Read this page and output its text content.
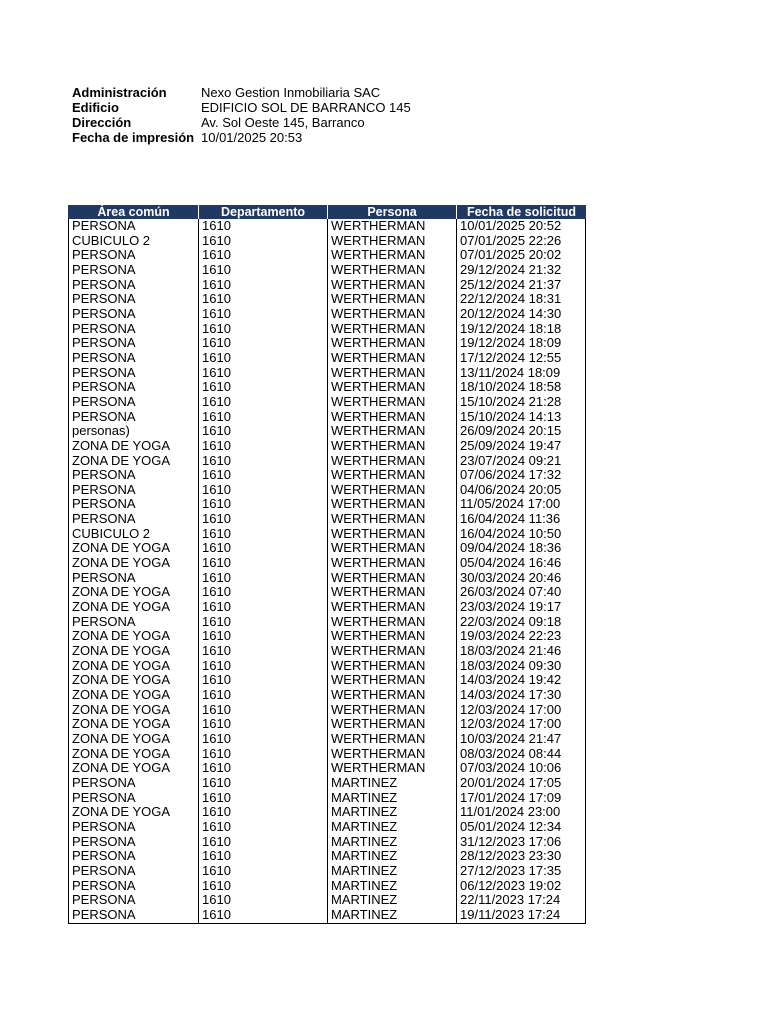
Administración	Nexo Gestion Inmobiliaria SAC
Edificio	EDIFICIO SOL DE BARRANCO 145
Dirección	Av. Sol Oeste 145, Barranco
Fecha de impresión 10/01/2025 20:53
Área común	Departamento	Persona	Fecha de solicitud
PERSONA	1610	WERTHERMAN	10/01/2025 20:52
CUBICULO 2	1610	WERTHERMAN	07/01/2025 22:26
PERSONA	1610	WERTHERMAN	07/01/2025 20:02
PERSONA	1610	WERTHERMAN	29/12/2024 21:32
PERSONA	1610	WERTHERMAN	25/12/2024 21:37
PERSONA	1610	WERTHERMAN	22/12/2024 18:31
PERSONA	1610	WERTHERMAN	20/12/2024 14:30
PERSONA	1610	WERTHERMAN	19/12/2024 18:18
PERSONA	1610	WERTHERMAN	19/12/2024 18:09
PERSONA	1610	WERTHERMAN	17/12/2024 12:55
PERSONA	1610	WERTHERMAN	13/11/2024 18:09
PERSONA	1610	WERTHERMAN	18/10/2024 18:58
PERSONA	1610	WERTHERMAN	15/10/2024 21:28
PERSONA	1610	WERTHERMAN	15/10/2024 14:13
personas)	1610	WERTHERMAN	26/09/2024 20:15
ZONA DE YOGA	1610	WERTHERMAN	25/09/2024 19:47
ZONA DE YOGA	1610	WERTHERMAN	23/07/2024 09:21
PERSONA	1610	WERTHERMAN	07/06/2024 17:32
PERSONA	1610	WERTHERMAN	04/06/2024 20:05
PERSONA	1610	WERTHERMAN	11/05/2024 17:00
PERSONA	1610	WERTHERMAN	16/04/2024 11:36
CUBICULO 2	1610	WERTHERMAN	16/04/2024 10:50
ZONA DE YOGA	1610	WERTHERMAN	09/04/2024 18:36
ZONA DE YOGA	1610	WERTHERMAN	05/04/2024 16:46
PERSONA	1610	WERTHERMAN	30/03/2024 20:46
ZONA DE YOGA	1610	WERTHERMAN	26/03/2024 07:40
ZONA DE YOGA	1610	WERTHERMAN	23/03/2024 19:17
PERSONA	1610	WERTHERMAN	22/03/2024 09:18
ZONA DE YOGA	1610	WERTHERMAN	19/03/2024 22:23
ZONA DE YOGA	1610	WERTHERMAN	18/03/2024 21:46
ZONA DE YOGA	1610	WERTHERMAN	18/03/2024 09:30
ZONA DE YOGA	1610	WERTHERMAN	14/03/2024 19:42
ZONA DE YOGA	1610	WERTHERMAN	14/03/2024 17:30
ZONA DE YOGA	1610	WERTHERMAN	12/03/2024 17:00
ZONA DE YOGA	1610	WERTHERMAN	12/03/2024 17:00
ZONA DE YOGA	1610	WERTHERMAN	10/03/2024 21:47
ZONA DE YOGA	1610	WERTHERMAN	08/03/2024 08:44
ZONA DE YOGA	1610	WERTHERMAN	07/03/2024 10:06
PERSONA	1610	MARTINEZ	20/01/2024 17:05
PERSONA	1610	MARTINEZ	17/01/2024 17:09
ZONA DE YOGA	1610	MARTINEZ	11/01/2024 23:00
PERSONA	1610	MARTINEZ	05/01/2024 12:34
PERSONA	1610	MARTINEZ	31/12/2023 17:06
PERSONA	1610	MARTINEZ	28/12/2023 23:30
PERSONA	1610	MARTINEZ	27/12/2023 17:35
PERSONA	1610	MARTINEZ	06/12/2023 19:02
PERSONA	1610	MARTINEZ	22/11/2023 17:24
PERSONA	1610	MARTINEZ	19/11/2023 17:24
